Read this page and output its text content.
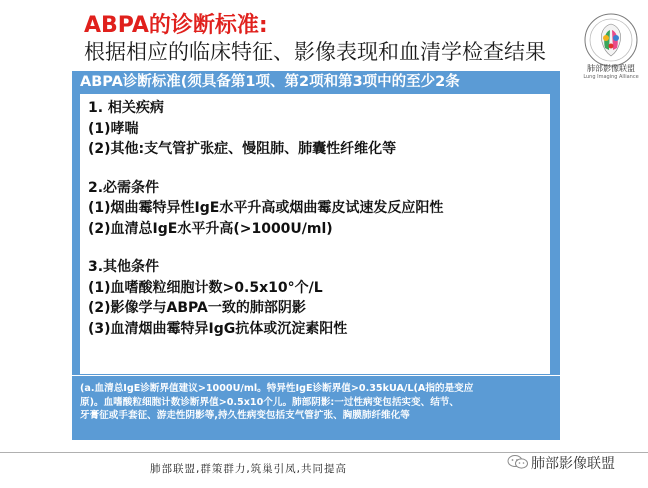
ABPA的诊断标准:
根据相应的临床特征、影像表现和血清学检查结果
肺部影像联盟
Lung Imaging Alliance
ABPA诊断标准(须具备第1项、第2项和第3项中的至少2条
1. 相关疾病
(1)哮喘
(2)其他:支气管扩张症、慢阻肺、肺囊性纤维化等
2.必需条件
(1)烟曲霉特异性IgE水平升高或烟曲霉皮试速发反应阳性
(2)血清总IgE水平升高(>1000U/ml)
3.其他条件
(1)血嗜酸粒细胞计数>0.5x10°个/L
(2)影像学与ABPA一致的肺部阴影
(3)血清烟曲霉特异IgG抗体或沉淀素阳性
(a.血清总IgE诊断界值建议>1000U/ml。特异性IgE诊断界值>0.35kUA/L(A指的是变应
原)。血嗜酸粒细胞计数诊断界值>0.5x10个儿。肺部阴影:一过性病变包括实变、结节、
牙膏征或手套征、游走性阴影等,持久性病变包括支气管扩张、胸膜肺纤维化等
肺部联盟,群策群力,筑巢引凤,共同提高	肺部影像联盟
